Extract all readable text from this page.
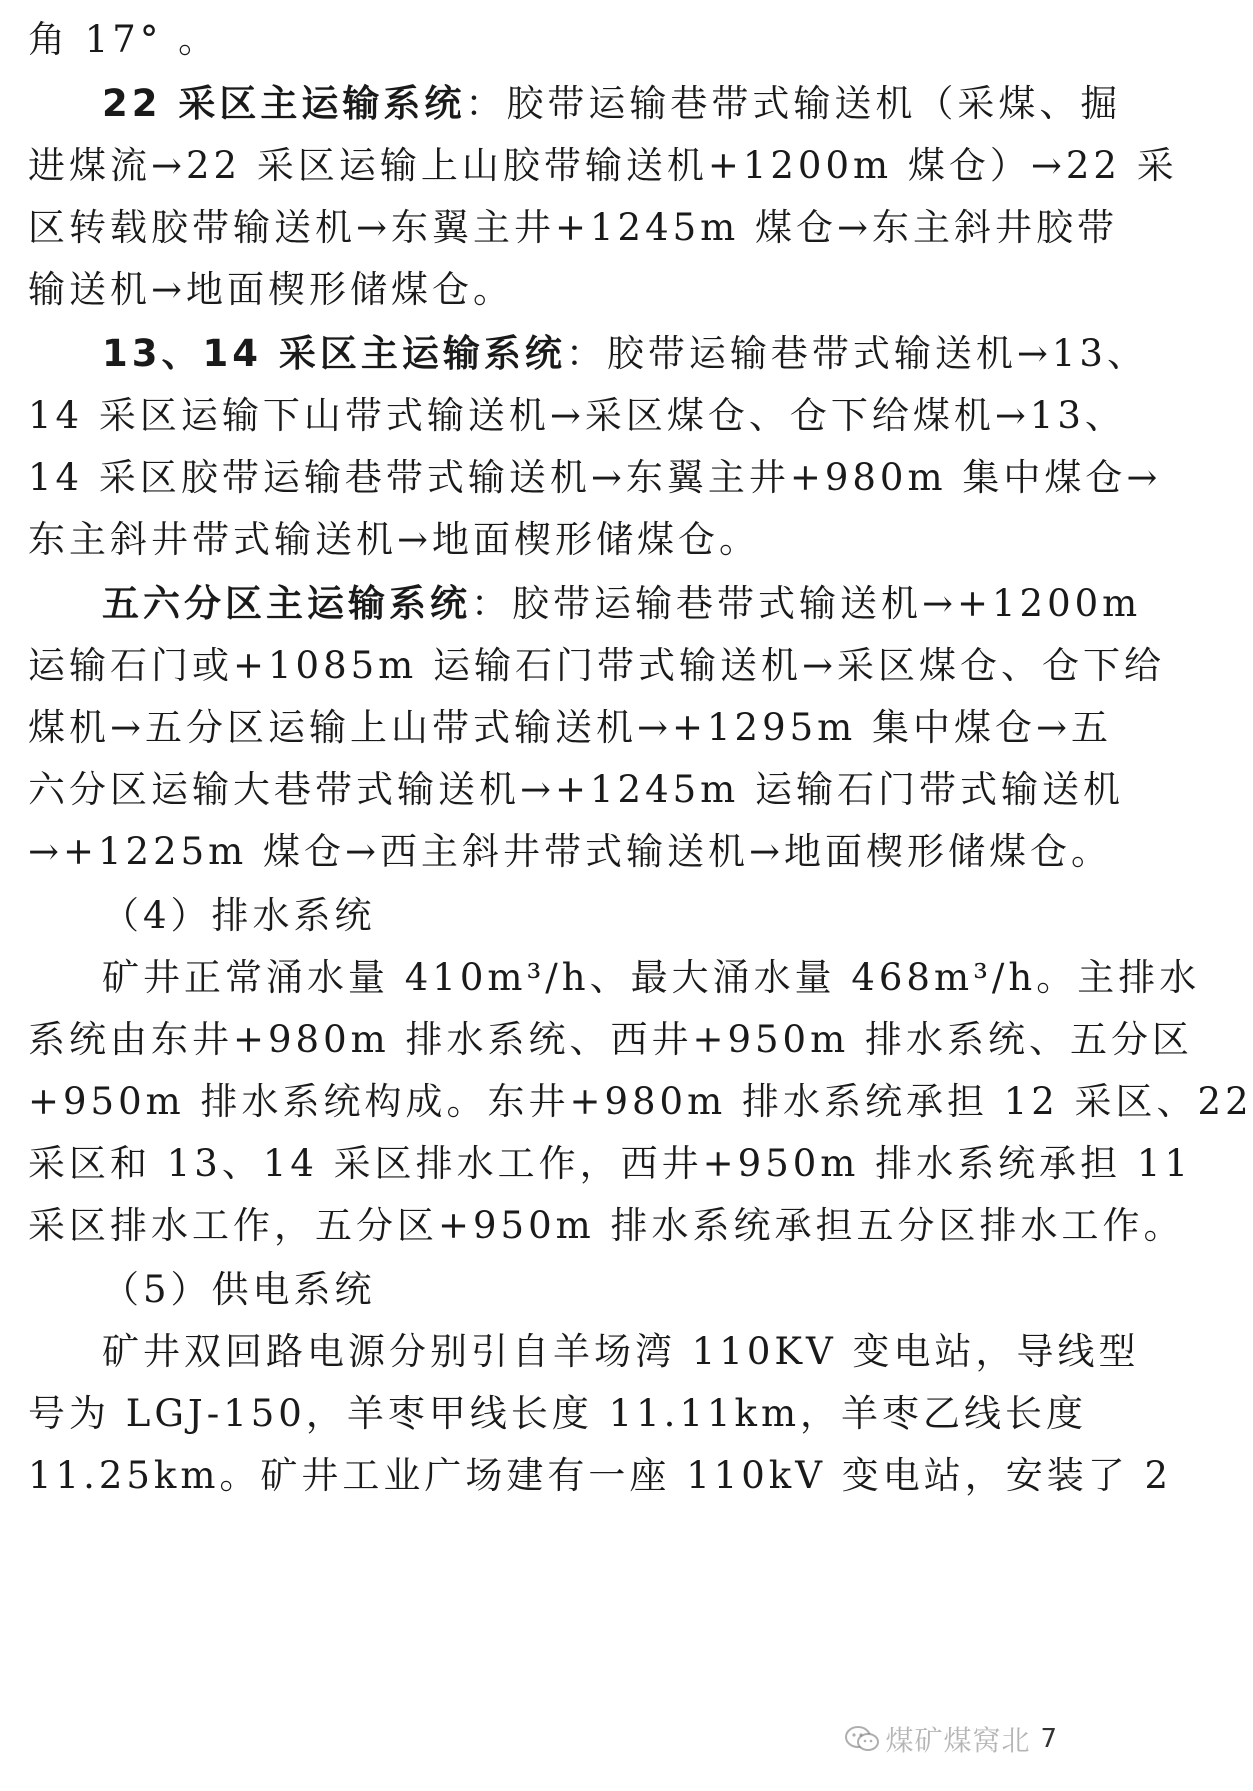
角 17° 。
22 采区主运输系统：胶带运输巷带式输送机（采煤、掘
进煤流→22 采区运输上山胶带输送机+1200m 煤仓）→22 采
区转载胶带输送机→东翼主井+1245m 煤仓→东主斜井胶带
输送机→地面楔形储煤仓。
13、14 采区主运输系统：胶带运输巷带式输送机→13、
14 采区运输下山带式输送机→采区煤仓、仓下给煤机→13、
14 采区胶带运输巷带式输送机→东翼主井+980m 集中煤仓→
东主斜井带式输送机→地面楔形储煤仓。
五六分区主运输系统：胶带运输巷带式输送机→+1200m
运输石门或+1085m 运输石门带式输送机→采区煤仓、仓下给
煤机→五分区运输上山带式输送机→+1295m 集中煤仓→五
六分区运输大巷带式输送机→+1245m 运输石门带式输送机
→+1225m 煤仓→西主斜井带式输送机→地面楔形储煤仓。
（4）排水系统
矿井正常涌水量 410m³/h、最大涌水量 468m³/h。主排水
系统由东井+980m 排水系统、西井+950m 排水系统、五分区
+950m 排水系统构成。东井+980m 排水系统承担 12 采区、22
采区和 13、14 采区排水工作，西井+950m 排水系统承担 11
采区排水工作，五分区+950m 排水系统承担五分区排水工作。
（5）供电系统
矿井双回路电源分别引自羊场湾 110KV 变电站，导线型
号为 LGJ-150，羊枣甲线长度 11.11km，羊枣乙线长度
11.25km。矿井工业广场建有一座 110kV 变电站，安装了 2
煤矿煤窝北 7
